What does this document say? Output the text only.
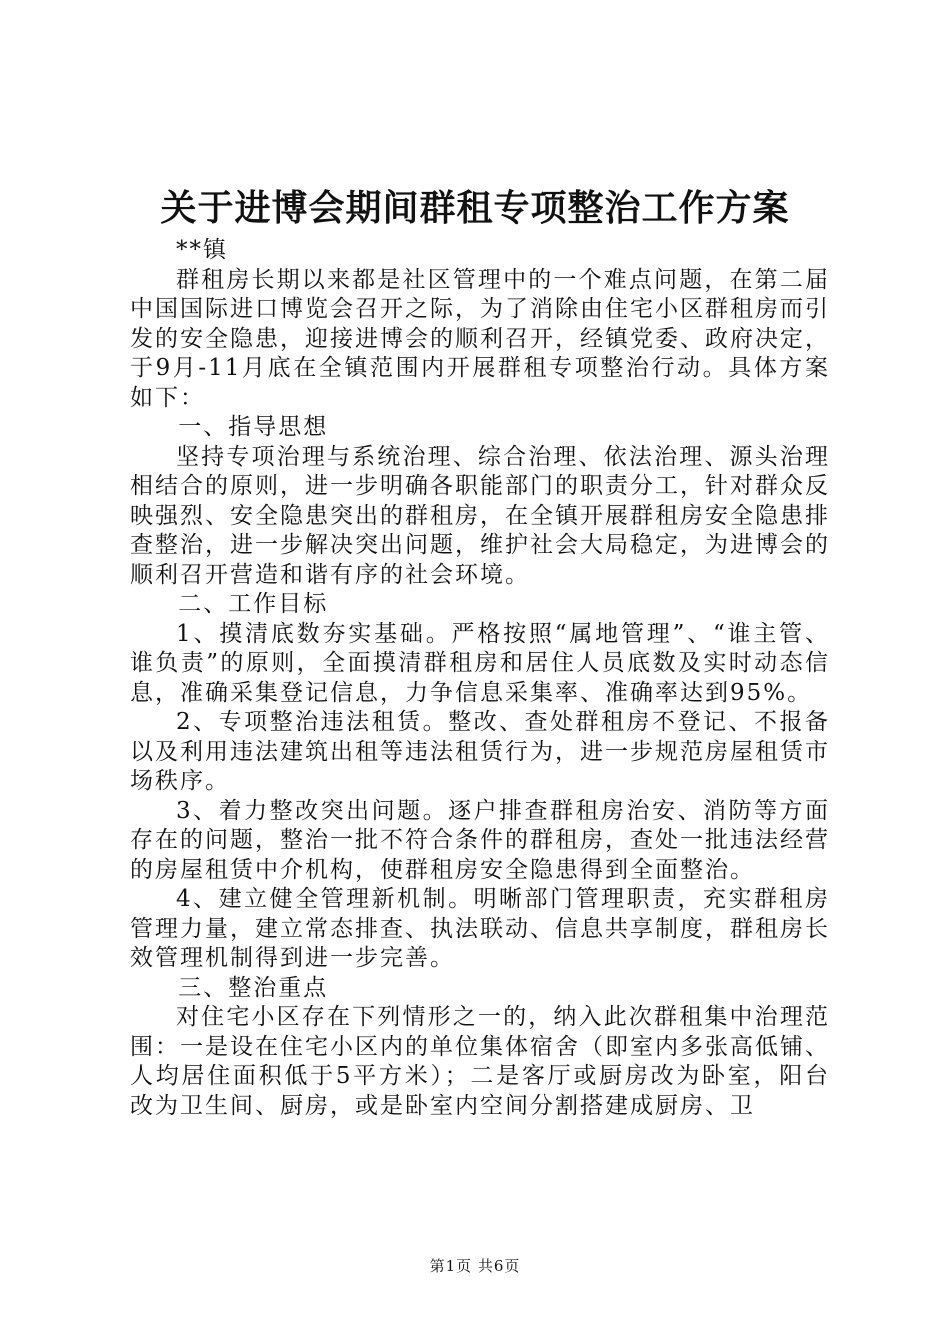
关于进博会期间群租专项整治工作方案

**镇

群租房长期以来都是社区管理中的一个难点问题，在第二届中国国际进口博览会召开之际，为了消除由住宅小区群租房而引发的安全隐患，迎接进博会的顺利召开，经镇党委、政府决定，于9月-11月底在全镇范围内开展群租专项整治行动。具体方案如下：

一、指导思想

坚持专项治理与系统治理、综合治理、依法治理、源头治理相结合的原则，进一步明确各职能部门的职责分工，针对群众反映强烈、安全隐患突出的群租房，在全镇开展群租房安全隐患排查整治，进一步解决突出问题，维护社会大局稳定，为进博会的顺利召开营造和谐有序的社会环境。

二、工作目标

1、摸清底数夯实基础。严格按照“属地管理”、“谁主管、谁负责”的原则，全面摸清群租房和居住人员底数及实时动态信息，准确采集登记信息，力争信息采集率、准确率达到95%。

2、专项整治违法租赁。整改、查处群租房不登记、不报备以及利用违法建筑出租等违法租赁行为，进一步规范房屋租赁市场秩序。

3、着力整改突出问题。逐户排查群租房治安、消防等方面存在的问题，整治一批不符合条件的群租房，查处一批违法经营的房屋租赁中介机构，使群租房安全隐患得到全面整治。

4、建立健全管理新机制。明晰部门管理职责，充实群租房管理力量，建立常态排查、执法联动、信息共享制度，群租房长效管理机制得到进一步完善。

三、整治重点

对住宅小区存在下列情形之一的，纳入此次群租集中治理范围：一是设在住宅小区内的单位集体宿舍（即室内多张高低铺、人均居住面积低于5平方米）；二是客厅或厨房改为卧室，阳台改为卫生间、厨房，或是卧室内空间分割搭建成厨房、卫

第1页 共6页
